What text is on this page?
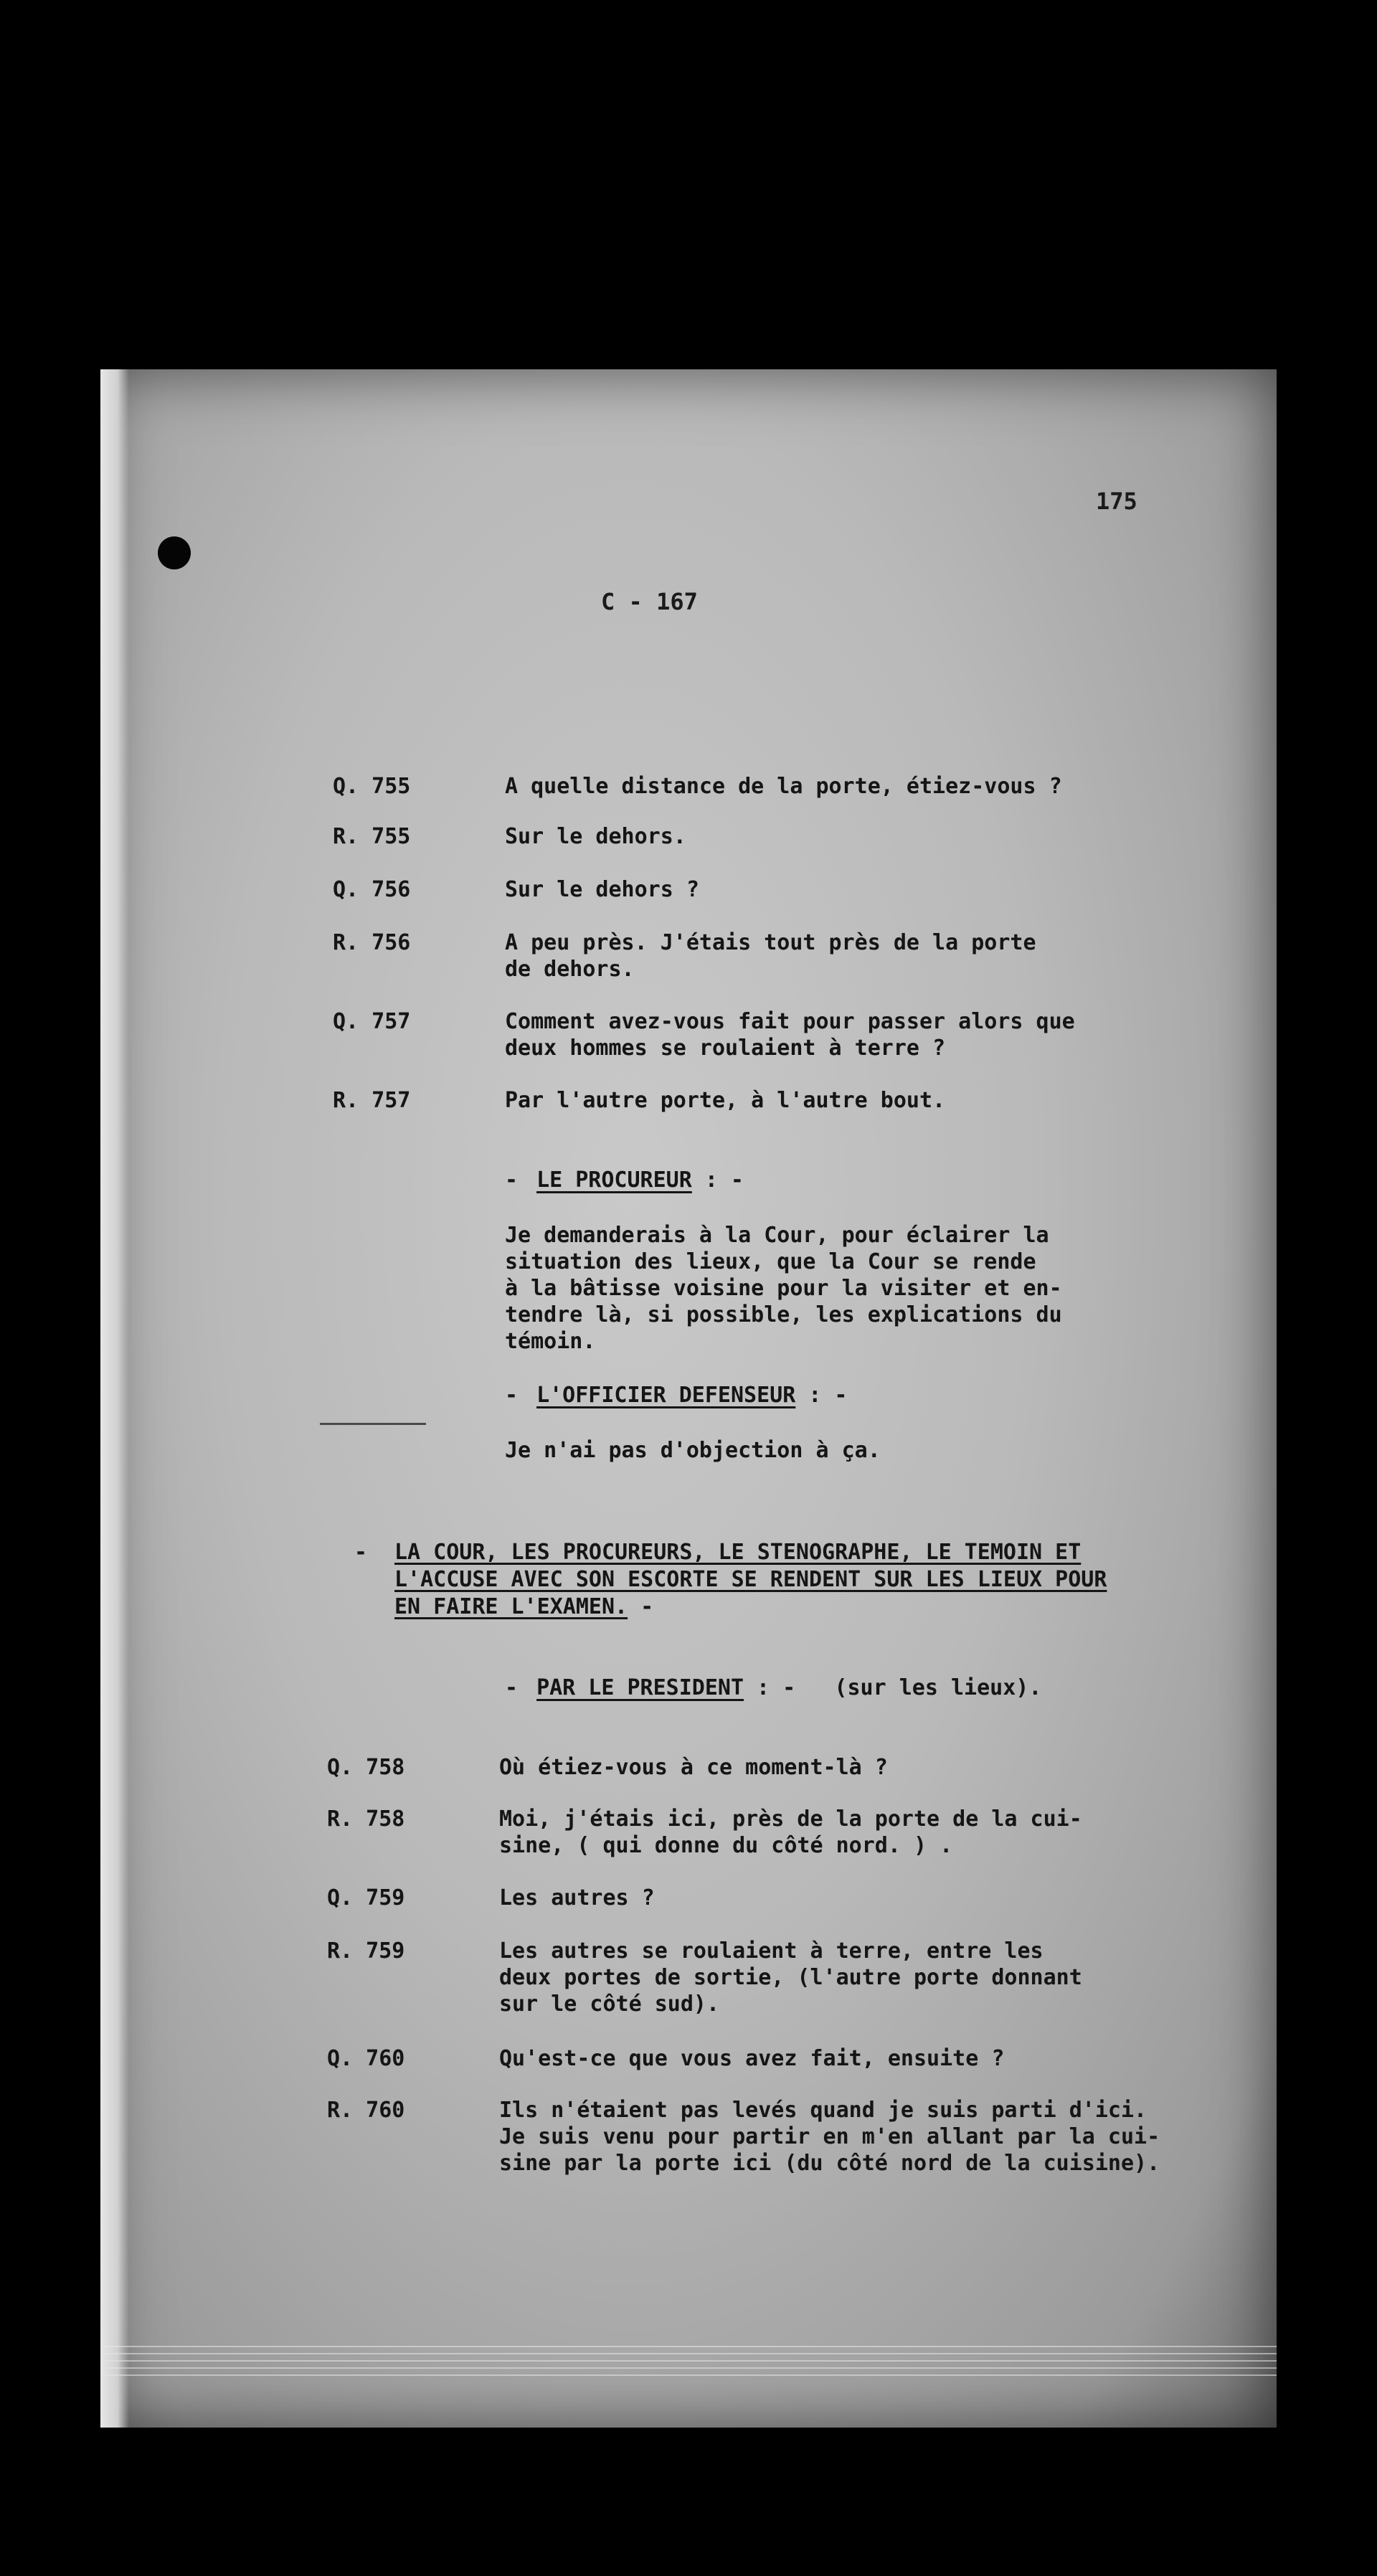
175
C - 167

Q. 755	A quelle distance de la porte, étiez-vous ?

R. 755	Sur le dehors.

Q. 756	Sur le dehors ?

R. 756	A peu près. J'étais tout près de la porte
de dehors.

Q. 757	Comment avez-vous fait pour passer alors que
deux hommes se roulaient à terre ?

R. 757	Par l'autre porte, à l'autre bout.

- LE PROCUREUR : -
Je demanderais à la Cour, pour éclairer la
situation des lieux, que la Cour se rende
à la bâtisse voisine pour la visiter et en-
tendre là, si possible, les explications du
témoin.
- L'OFFICIER DEFENSEUR : -
Je n'ai pas d'objection à ça.
- LA COUR, LES PROCUREURS, LE STENOGRAPHE, LE TEMOIN ET
L'ACCUSE AVEC SON ESCORTE SE RENDENT SUR LES LIEUX POUR
EN FAIRE L'EXAMEN. -
- PAR LE PRESIDENT : -   (sur les lieux).

Q. 758	Où étiez-vous à ce moment-là ?

R. 758	Moi, j'étais ici, près de la porte de la cui-
sine, ( qui donne du côté nord. ) .

Q. 759	Les autres ?

R. 759	Les autres se roulaient à terre, entre les
deux portes de sortie, (l'autre porte donnant
sur le côté sud).

Q. 760	Qu'est-ce que vous avez fait, ensuite ?

R. 760	Ils n'étaient pas levés quand je suis parti d'ici.
Je suis venu pour partir en m'en allant par la cui-
sine par la porte ici (du côté nord de la cuisine).
